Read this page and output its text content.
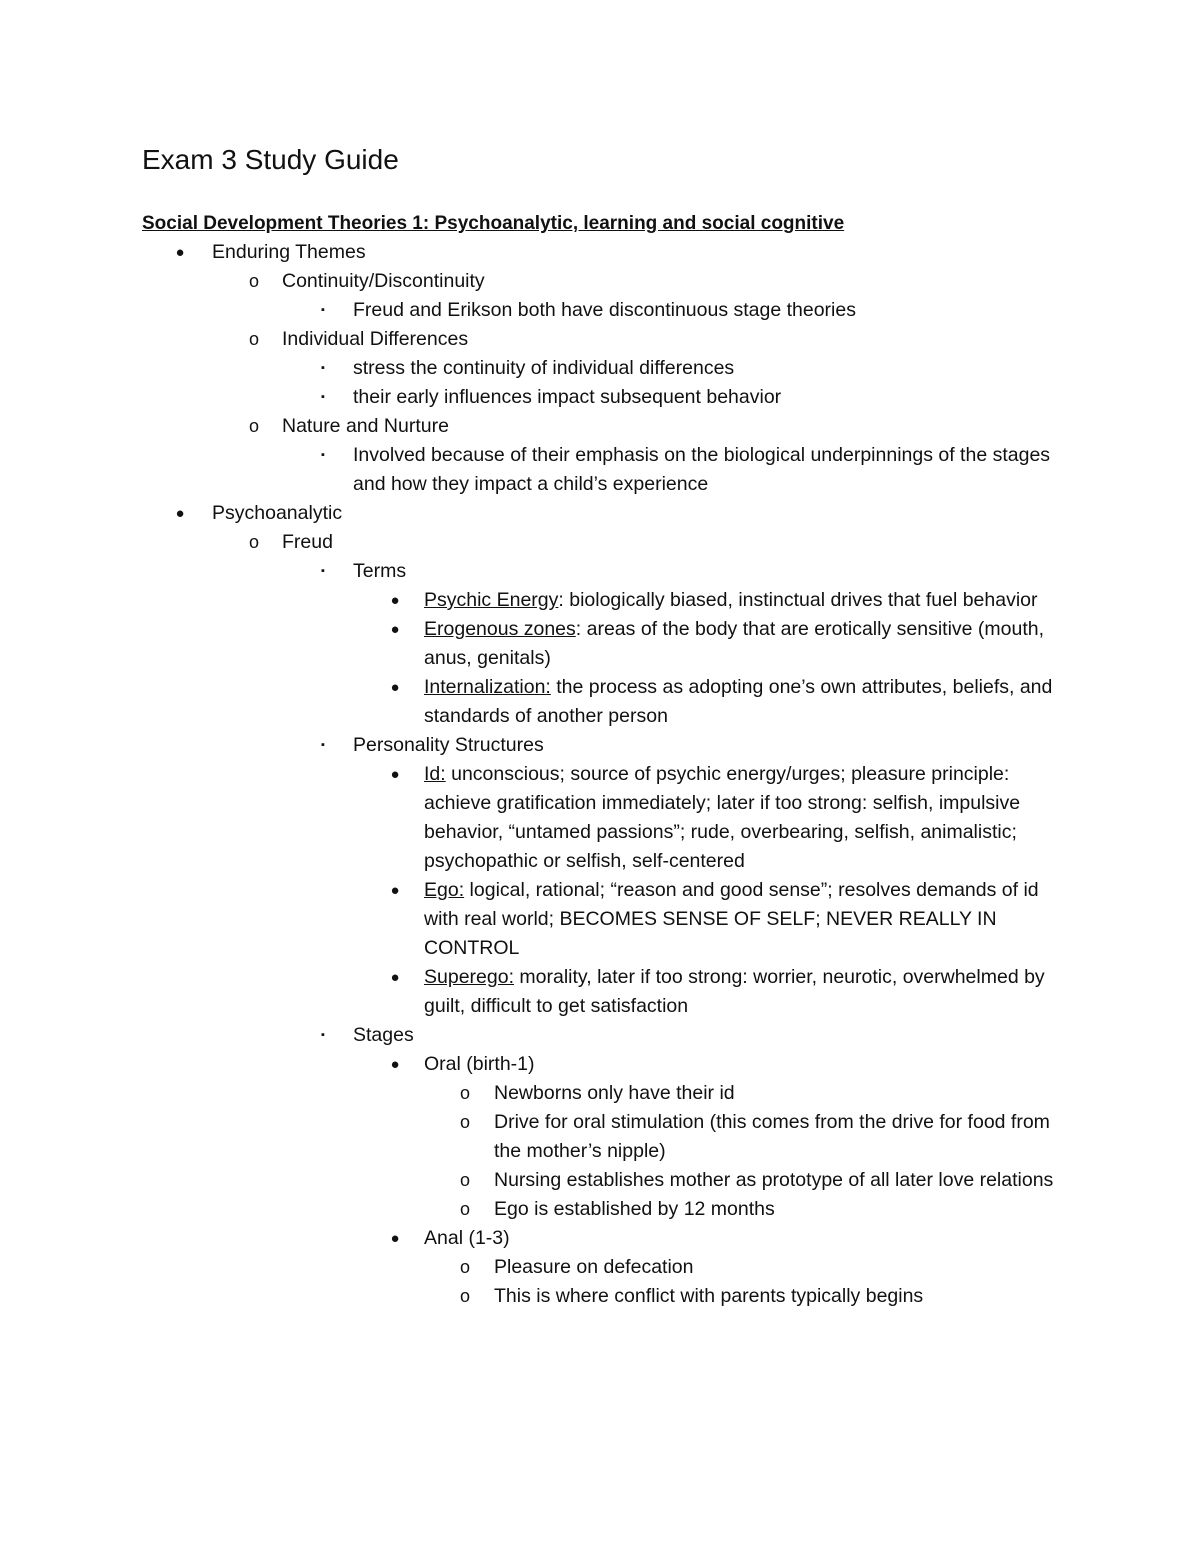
Exam 3 Study Guide
Social Development Theories 1: Psychoanalytic, learning and social cognitive
● Enduring Themes
o Continuity/Discontinuity
▪	Freud and Erikson both have discontinuous stage theories
o Individual Differences
▪	stress the continuity of individual differences
▪	their early influences impact subsequent behavior
o Nature and Nurture
▪	Involved because of their emphasis on the biological underpinnings of the stages and how they impact a child’s experience
● Psychoanalytic
o Freud
▪	Terms
● Psychic Energy: biologically biased, instinctual drives that fuel behavior
● Erogenous zones: areas of the body that are erotically sensitive (mouth, anus, genitals)
● Internalization: the process as adopting one’s own attributes, beliefs, and standards of another person
▪	Personality Structures
● Id: unconscious; source of psychic energy/urges; pleasure principle: achieve gratification immediately; later if too strong: selfish, impulsive behavior, “untamed passions”; rude, overbearing, selfish, animalistic; psychopathic or selfish, self-centered
● Ego: logical, rational; “reason and good sense”; resolves demands of id with real world; BECOMES SENSE OF SELF; NEVER REALLY IN CONTROL
● Superego: morality, later if too strong: worrier, neurotic, overwhelmed by guilt, difficult to get satisfaction
▪	Stages
● Oral (birth-1)
o Newborns only have their id
o Drive for oral stimulation (this comes from the drive for food from the mother’s nipple)
o Nursing establishes mother as prototype of all later love relations
o Ego is established by 12 months
● Anal (1-3)
o Pleasure on defecation
o This is where conflict with parents typically begins
